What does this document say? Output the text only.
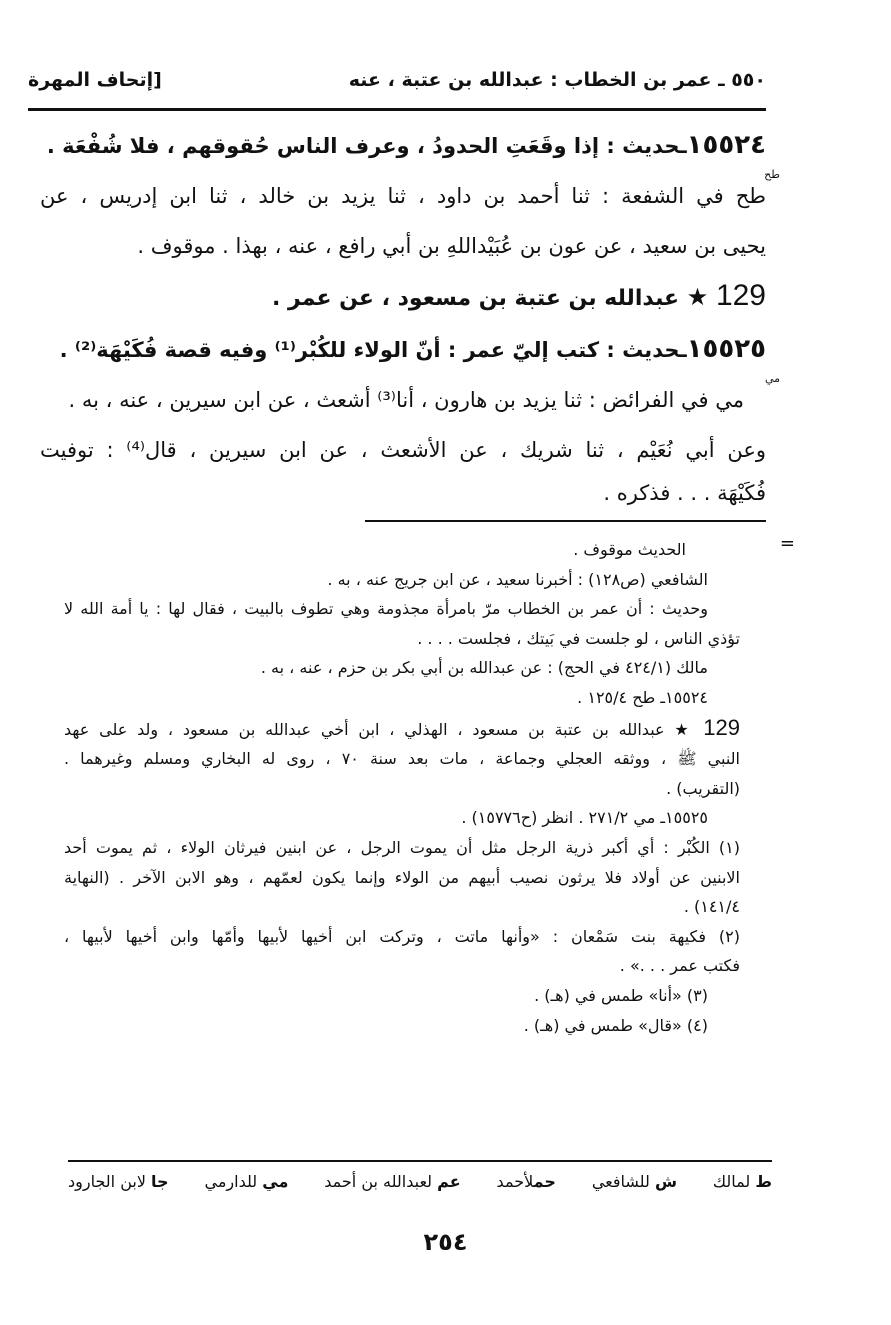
٥٥٠ ـ عمر بن الخطاب : عبدالله بن عتبة ، عنه
[إتحاف المهرة
١٥٥٢٤ـحديث : إذا وقَعَتِ الحدودُ ، وعرف الناس حُقوقهم ، فلا شُفْعَة .
طح
طح في الشفعة : ثنا أحمد بن داود ، ثنا يزيد بن خالد ، ثنا ابن إدريس ، عن
يحيى بن سعيد ، عن عون بن عُبَيْداللهِ بن أبي رافع ، عنه ، بهذا . موقوف .
129 ★ عبدالله بن عتبة بن مسعود ، عن عمر .
١٥٥٢٥ـحديث : كتب إليّ عمر : أنّ الولاء للكُبْر⁽¹⁾ وفيه قصة فُكَيْهَة⁽²⁾ .
مي
مي في الفرائض : ثنا يزيد بن هارون ، أنا⁽³⁾ أشعث ، عن ابن سيرين ، عنه ، به .
وعن أبي نُعَيْم ، ثنا شريك ، عن الأشعث ، عن ابن سيرين ، قال⁽⁴⁾ : توفيت
فُكَيْهَة . . . فذكره .
=
الحديث موقوف .
الشافعي (ص١٢٨) : أخبرنا سعيد ، عن ابن جريج عنه ، به .
وحديث : أن عمر بن الخطاب مرّ بامرأة مجذومة وهي تطوف بالبيت ، فقال لها : يا أمة الله لا
تؤذي الناس ، لو جلست في بَيتك ، فجلست . . . .
مالك (٤٢٤/١ في الحج) : عن عبدالله بن أبي بكر بن حزم ، عنه ، به .
١٥٥٢٤ـ طح ١٢٥/٤ .
129 ★ عبدالله بن عتبة بن مسعود ، الهذلي ، ابن أخي عبدالله بن مسعود ، ولد على عهد
النبي ﷺ ، ووثقه العجلي وجماعة ، مات بعد سنة ٧٠ ، روى له البخاري ومسلم وغيرهما .
(التقريب) .
١٥٥٢٥ـ مي ٢٧١/٢ . انظر (ح١٥٧٧٦) .
(١) الكُبْر : أي أكبر ذرية الرجل مثل أن يموت الرجل ، عن ابنين فيرثان الولاء ، ثم يموت أحد
الابنين عن أولاد فلا يرثون نصيب أبيهم من الولاء وإنما يكون لعمّهم ، وهو الابن الآخر . (النهاية
١٤١/٤) .
(٢) فكيهة بنت سَمْعان : «وأنها ماتت ، وتركت ابن أخيها لأبيها وأمّها وابن أخيها لأبيها ،
فكتب عمر . . .» .
(٣) «أنا» طمس في (هـ) .
(٤) «قال» طمس في (هـ) .
ط لمالك
ش للشافعي
حملأحمد
عم لعبدالله بن أحمد
مي للدارمي
جا لابن الجارود
٢٥٤
